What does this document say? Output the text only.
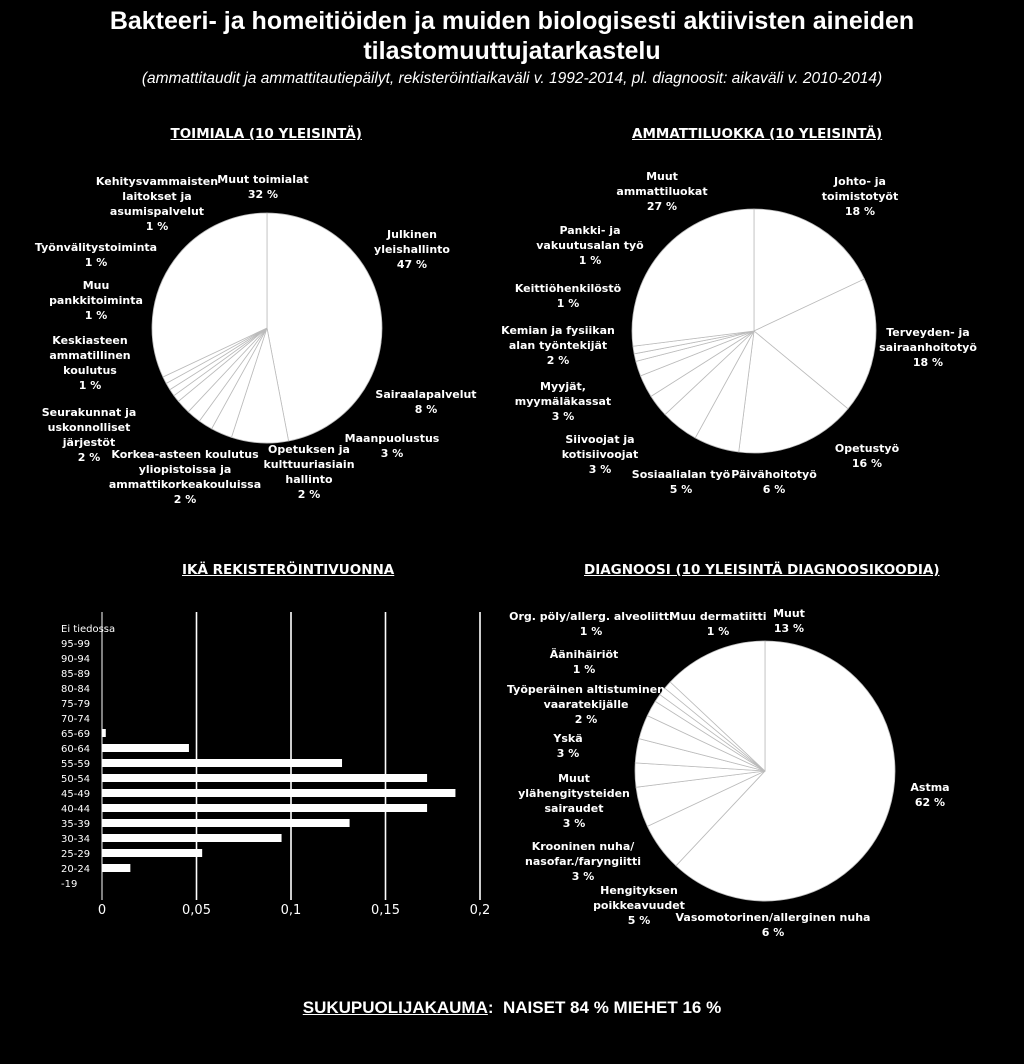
Bakteeri- ja homeitiöiden ja muiden biologisesti aktiivisten aineiden
tilastomuuttujatarkastelu
(ammattitaudit ja ammattitautiepäilyt, rekisteröintiaikaväli v. 1992-2014, pl. diagnoosit: aikaväli v. 2010-2014)
TOIMIALA (10 YLEISINTÄ)	AMMATTILUOKKA (10 YLEISINTÄ)
IKÄ REKISTERÖINTIVUONNA	DIAGNOOSI (10 YLEISINTÄ DIAGNOOSIKOODIA)
Julkinen yleishallinto 47 %
Sairaalapalvelut 8 %
Maanpuolustus 3 %
Opetuksen ja kulttuuriasiain hallinto 2 %
Korkea-asteen koulutus yliopistoissa ja ammattikorkeakouluissa 2 %
Seurakunnat ja uskonnolliset järjestöt 2 %
Keskiasteen ammatillinen koulutus 1 %
Muu pankkitoiminta 1 %
Työnvälitystoiminta 1 %
Kehitysvammaisten laitokset ja asumispalvelut 1 %
Muut toimialat 32 %
Johto- ja toimistotyöt 18 %
Terveyden- ja sairaanhoitotyö 18 %
Opetustyö 16 %
Päivähoitotyö 6 %
Sosiaalialan työ 5 %
Siivoojat ja kotisiivoojat 3 %
Myyjät, myymäläkassat 3 %
Kemian ja fysiikan alan työntekijät 2 %
Keittiöhenkilöstö 1 %
Pankki- ja vakuutusalan työ 1 %
Muut ammattiluokat 27 %
0	0,05	0,1	0,15	0,2
Ei tiedossa
95-99
90-94
85-89
80-84
75-79
70-74
65-69
60-64
55-59
50-54
45-49
40-44
35-39
30-34
25-29
20-24
-19
Astma 62 %
Vasomotorinen/allerginen nuha 6 %
Hengityksen poikkeavuudet 5 %
Krooninen nuha/ nasofar./faryngiitti 3 %
Muut ylähengitysteiden sairaudet 3 %
Yskä 3 %
Työperäinen altistuminen vaaratekijälle 2 %
Äänihäiriöt 1 %
Org. pöly/allerg. alveoliitti 1 %
Muu dermatiitti 1 %
Muut 13 %
SUKUPUOLIJAKAUMA: NAISET 84 % MIEHET 16 %
